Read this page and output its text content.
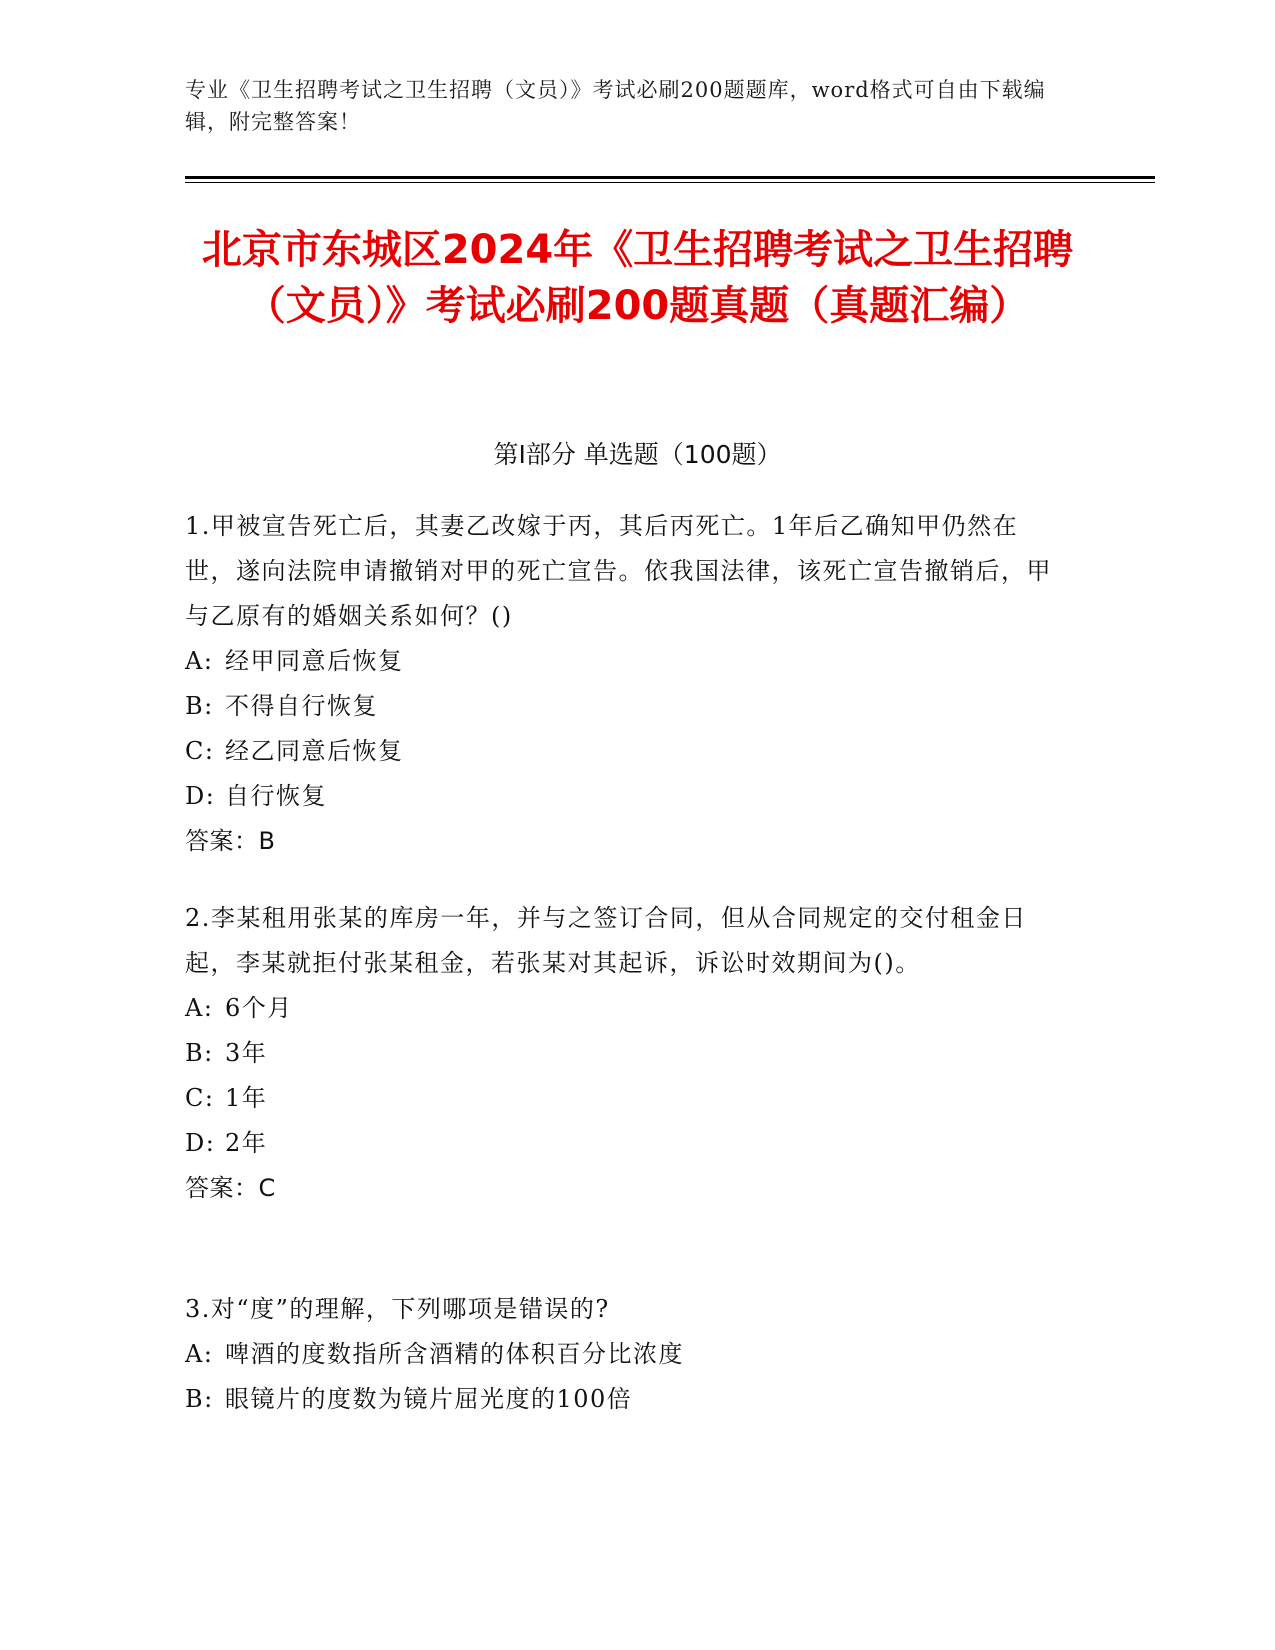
专业《卫生招聘考试之卫生招聘（文员）》考试必刷200题题库，word格式可自由下载编辑，附完整答案！
北京市东城区2024年《卫生招聘考试之卫生招聘（文员）》考试必刷200题真题（真题汇编）
第I部分 单选题（100题）

1.甲被宣告死亡后，其妻乙改嫁于丙，其后丙死亡。1年后乙确知甲仍然在世，遂向法院申请撤销对甲的死亡宣告。依我国法律，该死亡宣告撤销后，甲与乙原有的婚姻关系如何？()

A: 经甲同意后恢复
B: 不得自行恢复
C: 经乙同意后恢复
D: 自行恢复

答案：B

2.李某租用张某的库房一年，并与之签订合同，但从合同规定的交付租金日起，李某就拒付张某租金，若张某对其起诉，诉讼时效期间为()。

A: 6个月
B: 3年
C: 1年
D: 2年

答案：C

3.对“度”的理解，下列哪项是错误的?

A: 啤酒的度数指所含酒精的体积百分比浓度
B: 眼镜片的度数为镜片屈光度的100倍
